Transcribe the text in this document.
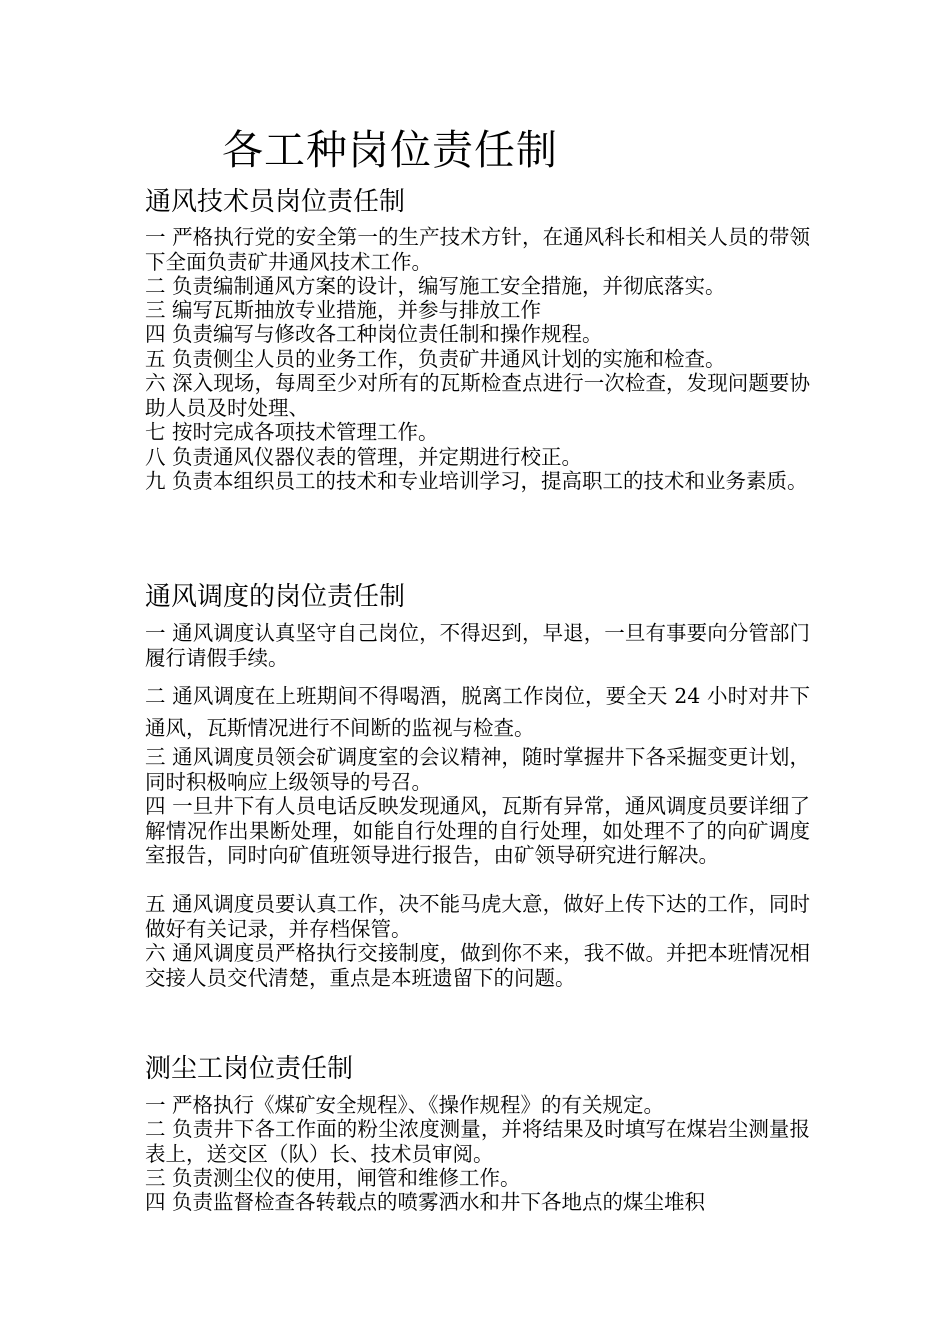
各工种岗位责任制
通风技术员岗位责任制
一 严格执行党的安全第一的生产技术方针，在通风科长和相关人员的带领下全面负责矿井通风技术工作。
二 负责编制通风方案的设计，编写施工安全措施，并彻底落实。
三 编写瓦斯抽放专业措施，并参与排放工作
四 负责编写与修改各工种岗位责任制和操作规程。
五 负责侧尘人员的业务工作，负责矿井通风计划的实施和检查。
六 深入现场，每周至少对所有的瓦斯检查点进行一次检查，发现问题要协助人员及时处理、
七 按时完成各项技术管理工作。
八 负责通风仪器仪表的管理，并定期进行校正。
九 负责本组织员工的技术和专业培训学习，提高职工的技术和业务素质。
通风调度的岗位责任制
一 通风调度认真坚守自己岗位，不得迟到，早退，一旦有事要向分管部门履行请假手续。
二 通风调度在上班期间不得喝酒，脱离工作岗位，要全天 24 小时对井下通风，瓦斯情况进行不间断的监视与检查。
三 通风调度员领会矿调度室的会议精神，随时掌握井下各采掘变更计划，同时积极响应上级领导的号召。
四 一旦井下有人员电话反映发现通风，瓦斯有异常，通风调度员要详细了解情况作出果断处理，如能自行处理的自行处理，如处理不了的向矿调度室报告，同时向矿值班领导进行报告，由矿领导研究进行解决。
五 通风调度员要认真工作，决不能马虎大意，做好上传下达的工作，同时做好有关记录，并存档保管。
六 通风调度员严格执行交接制度，做到你不来，我不做。并把本班情况相交接人员交代清楚，重点是本班遗留下的问题。
测尘工岗位责任制
一 严格执行《煤矿安全规程》、《操作规程》的有关规定。
二 负责井下各工作面的粉尘浓度测量，并将结果及时填写在煤岩尘测量报表上，送交区（队）长、技术员审阅。
三 负责测尘仪的使用，闸管和维修工作。
四 负责监督检查各转载点的喷雾洒水和井下各地点的煤尘堆积
